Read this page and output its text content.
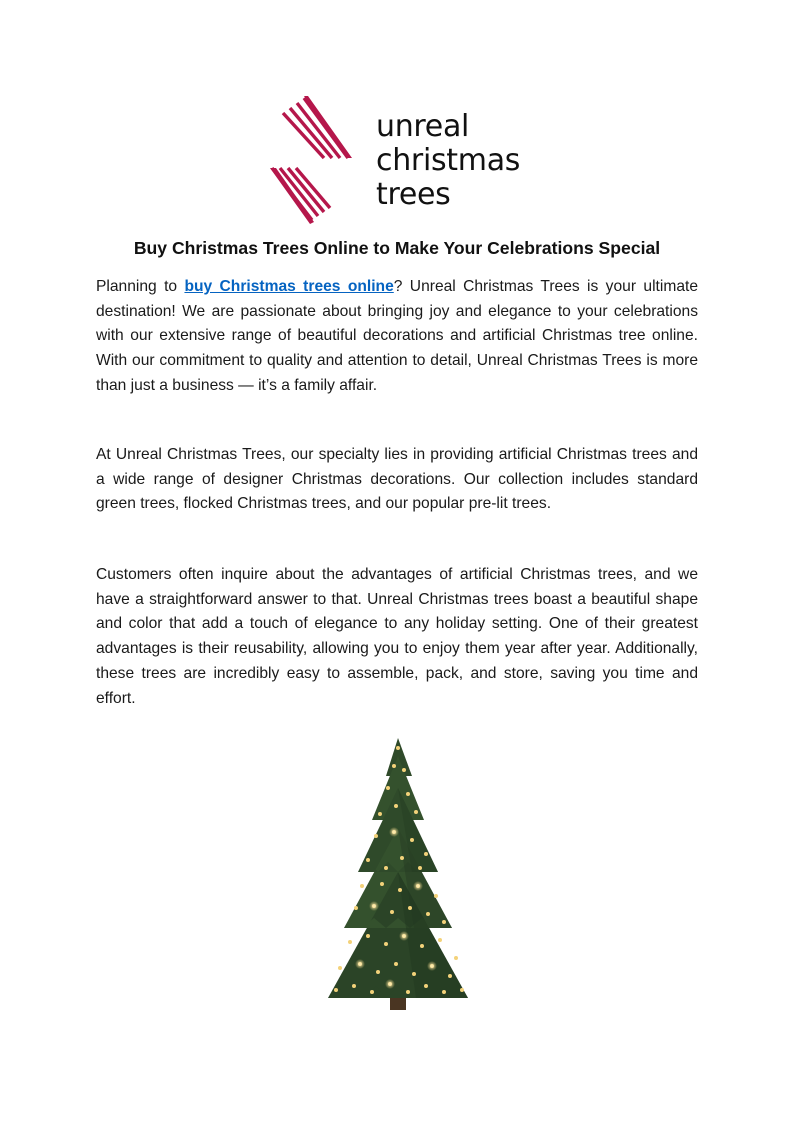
unreal
christmas
trees

Buy Christmas Trees Online to Make Your Celebrations Special

Planning to buy Christmas trees online? Unreal Christmas Trees is your ultimate destination! We are passionate about bringing joy and elegance to your celebrations with our extensive range of beautiful decorations and artificial Christmas tree online. With our commitment to quality and attention to detail, Unreal Christmas Trees is more than just a business — it’s a family affair.

At Unreal Christmas Trees, our specialty lies in providing artificial Christmas trees and a wide range of designer Christmas decorations. Our collection includes standard green trees, flocked Christmas trees, and our popular pre-lit trees.

Customers often inquire about the advantages of artificial Christmas trees, and we have a straightforward answer to that. Unreal Christmas trees boast a beautiful shape and color that add a touch of elegance to any holiday setting. One of their greatest advantages is their reusability, allowing you to enjoy them year after year. Additionally, these trees are incredibly easy to assemble, pack, and store, saving you time and effort.
